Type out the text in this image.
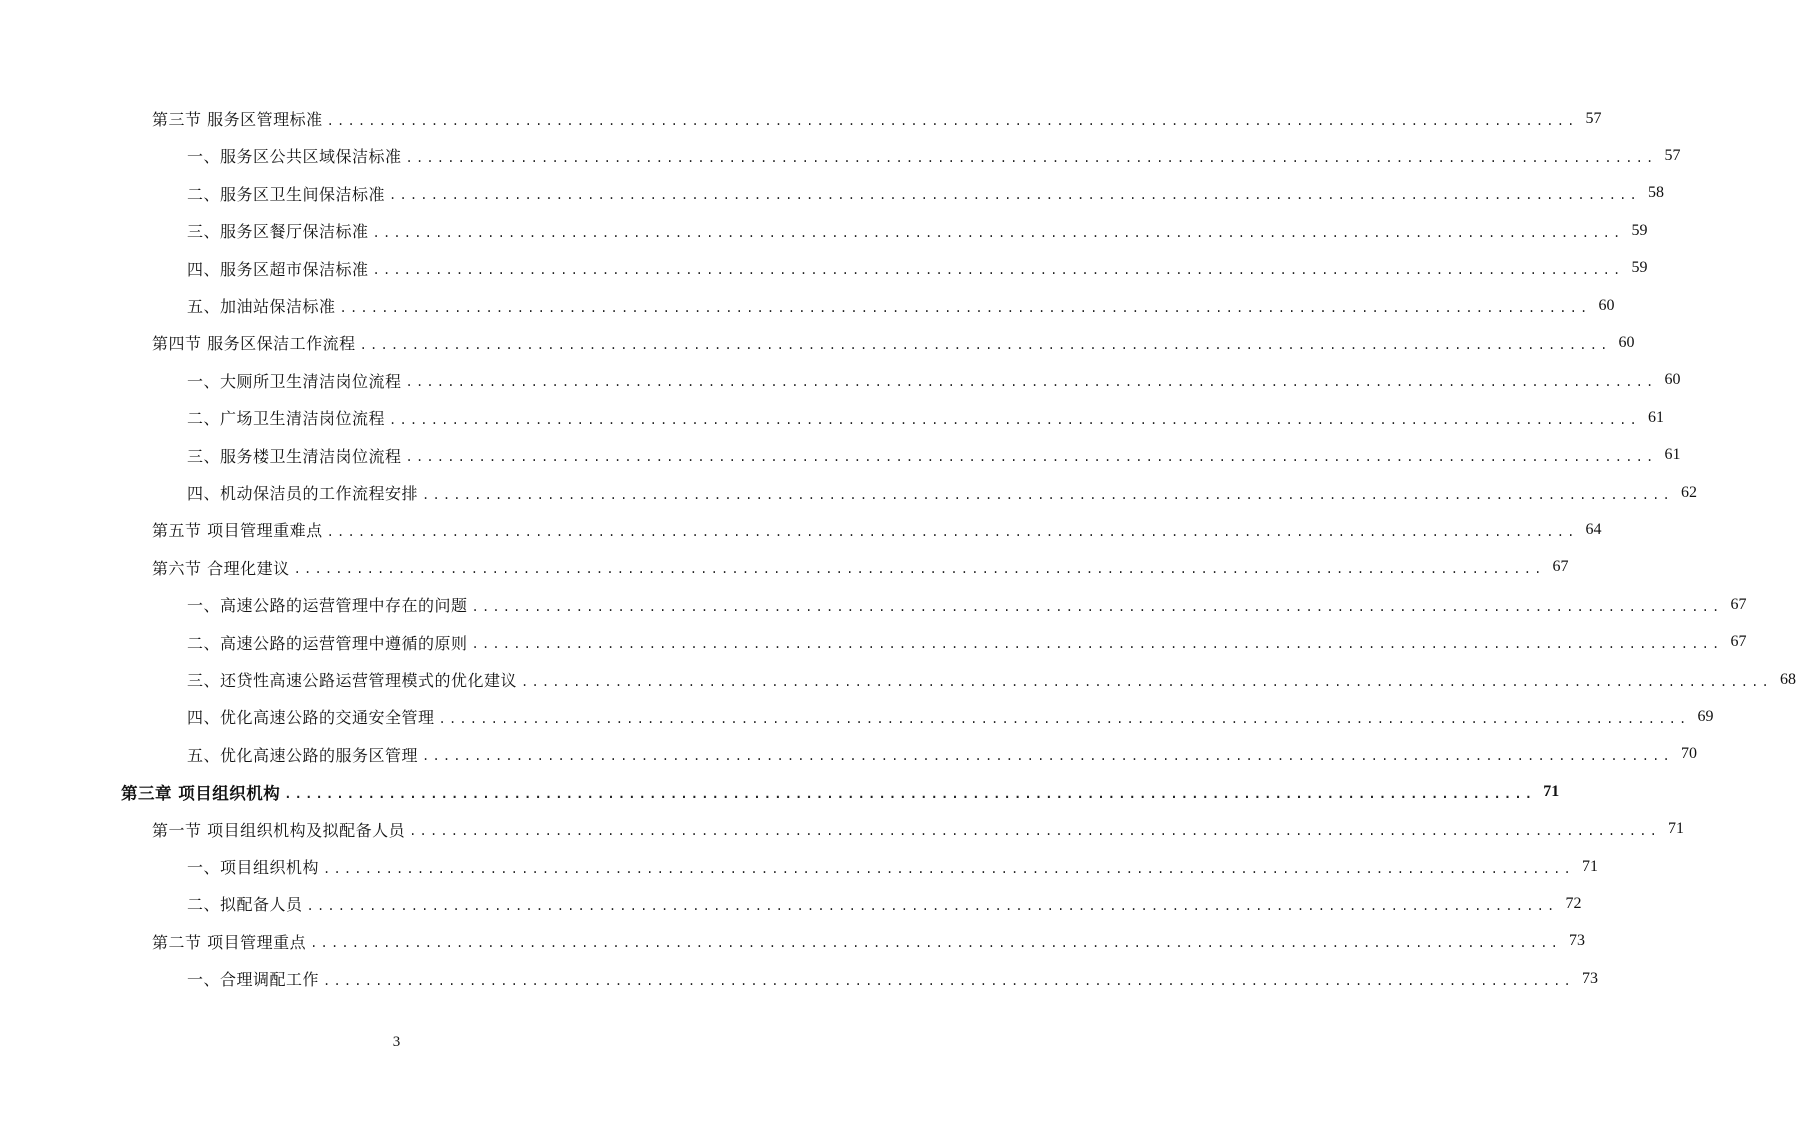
第三节 服务区管理标准 ........................................................................................................................ 57
一、服务区公共区域保洁标准 ........................................................................................................................ 57
二、服务区卫生间保洁标准 ........................................................................................................................ 58
三、服务区餐厅保洁标准 ........................................................................................................................ 59
四、服务区超市保洁标准 ........................................................................................................................ 59
五、加油站保洁标准 ........................................................................................................................ 60
第四节 服务区保洁工作流程 ........................................................................................................................ 60
一、大厕所卫生清洁岗位流程 ........................................................................................................................ 60
二、广场卫生清洁岗位流程 ........................................................................................................................ 61
三、服务楼卫生清洁岗位流程 ........................................................................................................................ 61
四、机动保洁员的工作流程安排 ........................................................................................................................ 62
第五节 项目管理重难点 ........................................................................................................................ 64
第六节 合理化建议 ........................................................................................................................ 67
一、高速公路的运营管理中存在的问题 ........................................................................................................................ 67
二、高速公路的运营管理中遵循的原则 ........................................................................................................................ 67
三、还贷性高速公路运营管理模式的优化建议 ........................................................................................................................ 68
四、优化高速公路的交通安全管理 ........................................................................................................................ 69
五、优化高速公路的服务区管理 ........................................................................................................................ 70
第三章 项目组织机构 ........................................................................................................................ 71
第一节 项目组织机构及拟配备人员 ........................................................................................................................ 71
一、项目组织机构 ........................................................................................................................ 71
二、拟配备人员 ........................................................................................................................ 72
第二节 项目管理重点 ........................................................................................................................ 73
一、合理调配工作 ........................................................................................................................ 73
3
